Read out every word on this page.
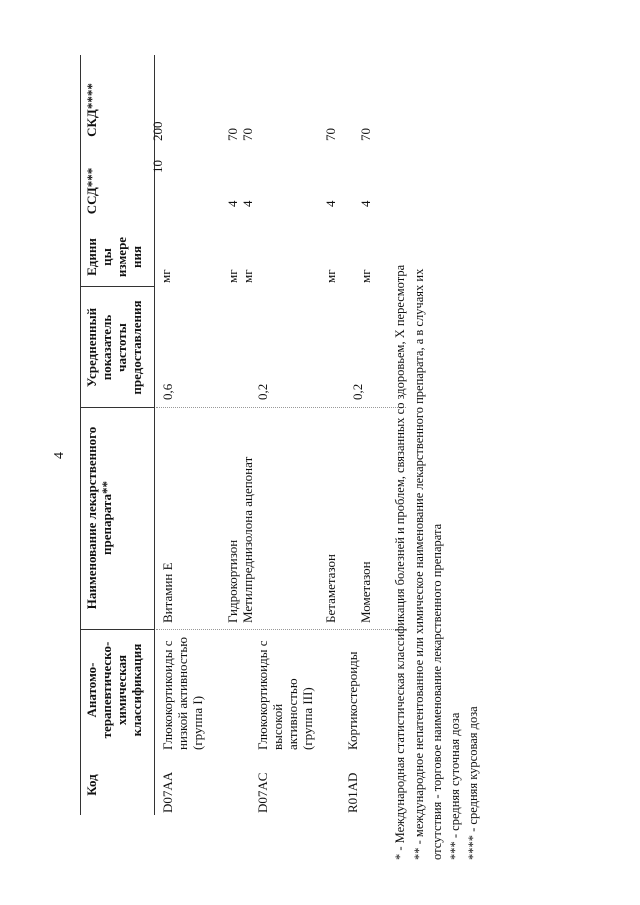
4
Код
Анатомо-
терапевтическо-
химическая
классификация
Наименование лекарственного
препарата**
Усредненный
показатель
частоты
предоставления
Едини
цы
измере
ния
ССД***
СКД****
D07AA
Глюкокортикоиды с
низкой активностью
(группа I)
Витамин Е
0,6
мг
10
200
Гидрокортизон
мг
4
70
Метилпреднизолона ацепонат
мг
4
70
D07AC
Глюкокортикоиды с
высокой
активностью
(группа III)
Бетаметазон
0,2
мг
4
70
R01AD
Кортикостероиды
Мометазон
0,2
мг
4
70
* - Международная статистическая классификация болезней и проблем, связанных со здоровьем, X пересмотра ** - международное непатентованное или химическое наименование лекарственного препарата, а в случаях их отсутствия - торговое наименование лекарственного препарата *** - средняя суточная доза **** - средняя курсовая доза
